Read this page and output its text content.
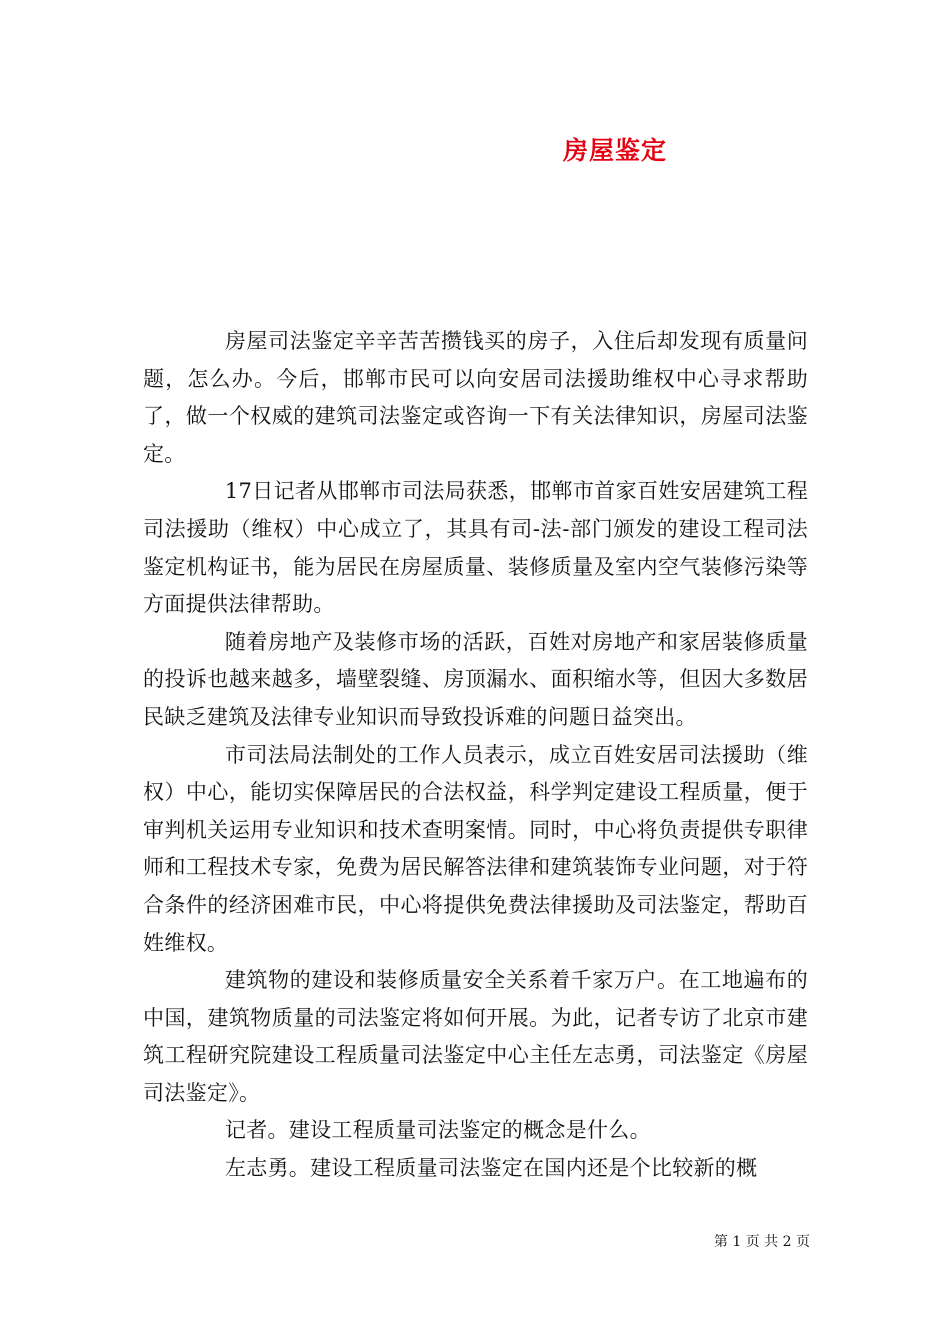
房屋鉴定

房屋司法鉴定辛辛苦苦攒钱买的房子，入住后却发现有质量问题，怎么办。今后，邯郸市民可以向安居司法援助维权中心寻求帮助了，做一个权威的建筑司法鉴定或咨询一下有关法律知识，房屋司法鉴定。

17日记者从邯郸市司法局获悉，邯郸市首家百姓安居建筑工程司法援助（维权）中心成立了，其具有司-法-部门颁发的建设工程司法鉴定机构证书，能为居民在房屋质量、装修质量及室内空气装修污染等方面提供法律帮助。

随着房地产及装修市场的活跃，百姓对房地产和家居装修质量的投诉也越来越多，墙壁裂缝、房顶漏水、面积缩水等，但因大多数居民缺乏建筑及法律专业知识而导致投诉难的问题日益突出。

市司法局法制处的工作人员表示，成立百姓安居司法援助（维权）中心，能切实保障居民的合法权益，科学判定建设工程质量，便于审判机关运用专业知识和技术查明案情。同时，中心将负责提供专职律师和工程技术专家，免费为居民解答法律和建筑装饰专业问题，对于符合条件的经济困难市民，中心将提供免费法律援助及司法鉴定，帮助百姓维权。

建筑物的建设和装修质量安全关系着千家万户。在工地遍布的中国，建筑物质量的司法鉴定将如何开展。为此，记者专访了北京市建筑工程研究院建设工程质量司法鉴定中心主任左志勇，司法鉴定《房屋司法鉴定》。

记者。建设工程质量司法鉴定的概念是什么。

左志勇。建设工程质量司法鉴定在国内还是个比较新的概

第 1 页 共 2 页
